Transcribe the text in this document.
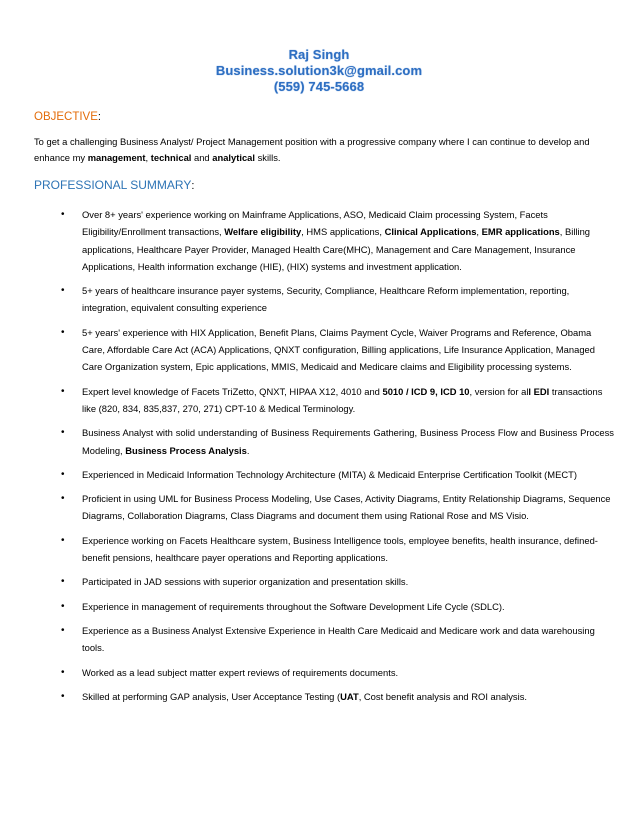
Raj Singh
Business.solution3k@gmail.com
(559) 745-5668
OBJECTIVE:
To get a challenging Business Analyst/ Project Management position with a progressive company where I can continue to develop and enhance my management, technical and analytical skills.
PROFESSIONAL SUMMARY:
• Over 8+ years' experience working on Mainframe Applications, ASO, Medicaid Claim processing System, Facets Eligibility/Enrollment transactions, Welfare eligibility, HMS applications, Clinical Applications, EMR applications, Billing applications, Healthcare Payer Provider, Managed Health Care(MHC), Management and Care Management, Insurance Applications, Health information exchange (HIE), (HIX) systems and investment application.
• 5+ years of healthcare insurance payer systems, Security, Compliance, Healthcare Reform implementation, reporting, integration, equivalent consulting experience
• 5+ years' experience with HIX Application, Benefit Plans, Claims Payment Cycle, Waiver Programs and Reference, Obama Care, Affordable Care Act (ACA) Applications, QNXT configuration, Billing applications, Life Insurance Application, Managed Care Organization system, Epic applications, MMIS, Medicaid and Medicare claims and Eligibility processing systems.
• Expert level knowledge of Facets TriZetto, QNXT, HIPAA X12, 4010 and 5010 / ICD 9, ICD 10, version for all EDI transactions like (820, 834, 835,837, 270, 271) CPT-10 & Medical Terminology.
• Business Analyst with solid understanding of Business Requirements Gathering, Business Process Flow and Business Process Modeling, Business Process Analysis.
• Experienced in Medicaid Information Technology Architecture (MITA) & Medicaid Enterprise Certification Toolkit (MECT)
• Proficient in using UML for Business Process Modeling, Use Cases, Activity Diagrams, Entity Relationship Diagrams, Sequence Diagrams, Collaboration Diagrams, Class Diagrams and document them using Rational Rose and MS Visio.
• Experience working on Facets Healthcare system, Business Intelligence tools, employee benefits, health insurance, defined-benefit pensions, healthcare payer operations and Reporting applications.
• Participated in JAD sessions with superior organization and presentation skills.
• Experience in management of requirements throughout the Software Development Life Cycle (SDLC).
• Experience as a Business Analyst Extensive Experience in Health Care Medicaid and Medicare work and data warehousing tools.
• Worked as a lead subject matter expert reviews of requirements documents.
• Skilled at performing GAP analysis, User Acceptance Testing (UAT, Cost benefit analysis and ROI analysis.
